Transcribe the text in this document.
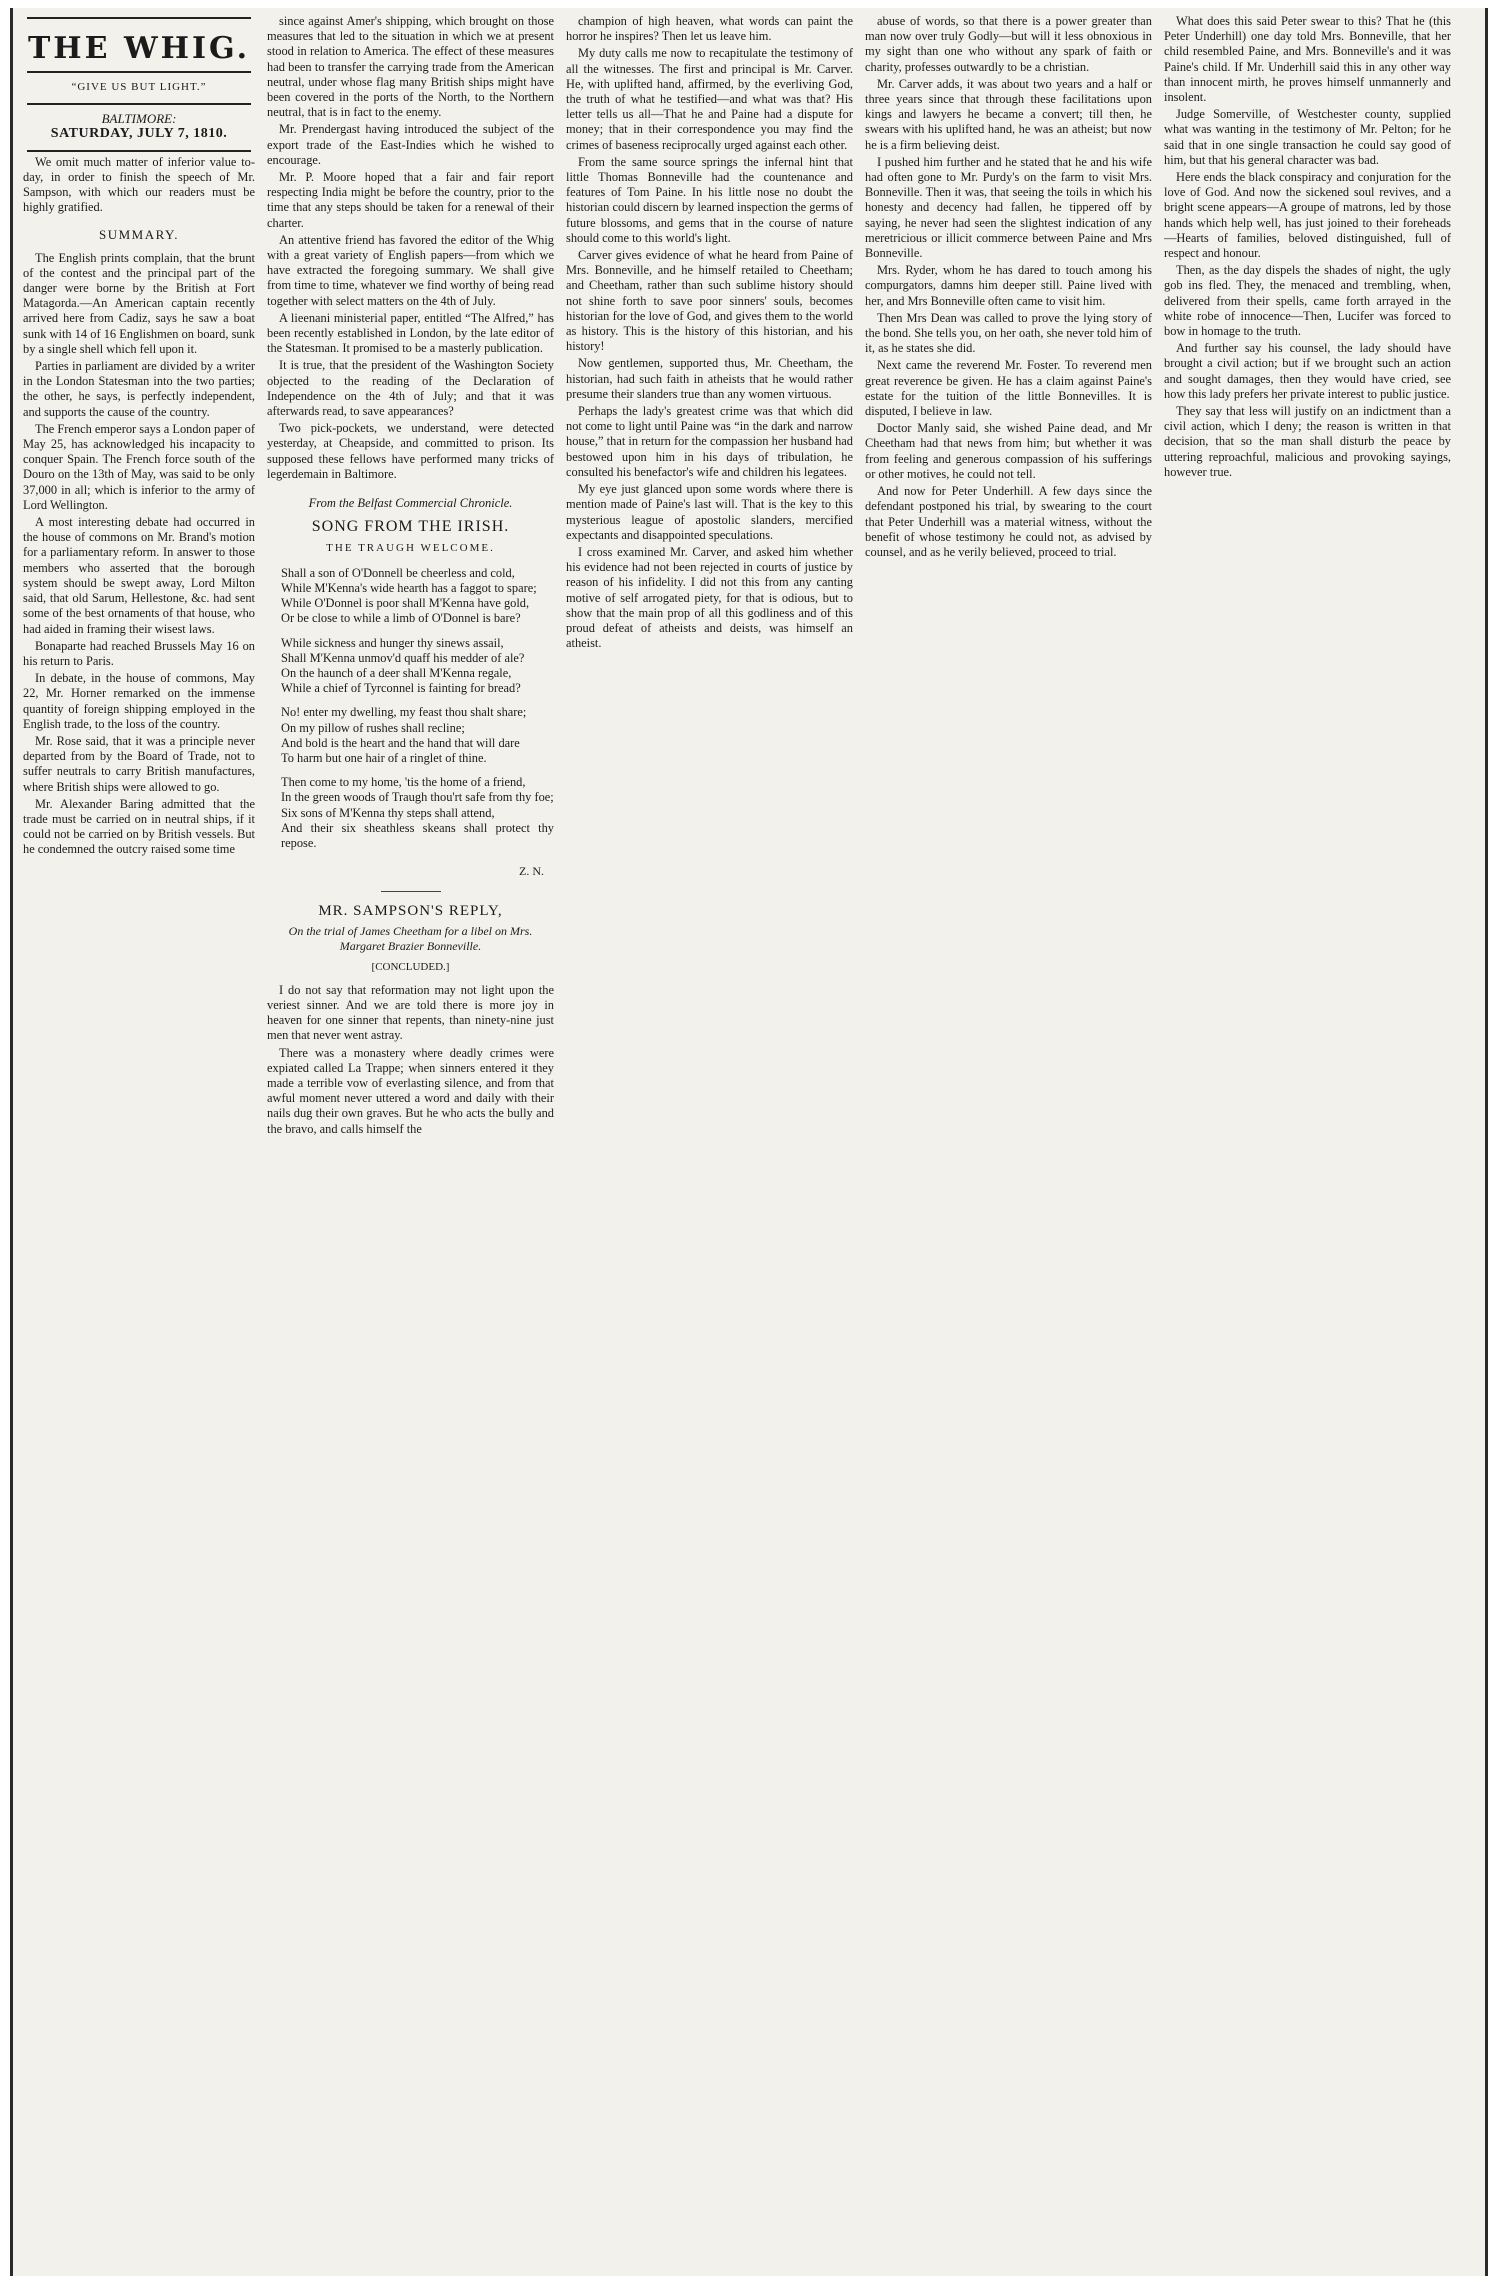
THE WHIG.
“GIVE US BUT LIGHT.”
BALTIMORE:
SATURDAY, JULY 7, 1810.

We omit much matter of inferior value to-day, in order to finish the speech of Mr. Sampson, with which our readers must be highly gratified.

SUMMARY.

The English prints complain, that the brunt of the contest and the principal part of the danger were borne by the British at Fort Matagorda.—An American captain recently arrived here from Cadiz, says he saw a boat sunk with 14 of 16 Englishmen on board, sunk by a single shell which fell upon it.

Parties in parliament are divided by a writer in the London Statesman into the two parties; the other, he says, is perfectly independent, and supports the cause of the country.

The French emperor says a London paper of May 25, has acknowledged his incapacity to conquer Spain. The French force south of the Douro on the 13th of May, was said to be only 37,000 in all; which is inferior to the army of Lord Wellington.

A most interesting debate had occurred in the house of commons on Mr. Brand's motion for a parliamentary reform. In answer to those members who asserted that the borough system should be swept away, Lord Milton said, that old Sarum, Hellestone, &c. had sent some of the best ornaments of that house, who had aided in framing their wisest laws.

Bonaparte had reached Brussels May 16 on his return to Paris.

In debate, in the house of commons, May 22, Mr. Horner remarked on the immense quantity of foreign shipping employed in the English trade, to the loss of the country.

Mr. Rose said, that it was a principle never departed from by the Board of Trade, not to suffer neutrals to carry British manufactures, where British ships were allowed to go.

Mr. Alexander Baring admitted that the trade must be carried on in neutral ships, if it could not be carried on by British vessels. But he condemned the outcry raised some time

since against Amer's shipping, which brought on those measures that led to the situation in which we at present stood in relation to America. The effect of these measures had been to transfer the carrying trade from the American neutral, under whose flag many British ships might have been covered in the ports of the North, to the Northern neutral, that is in fact to the enemy.

Mr. Prendergast having introduced the subject of the export trade of the East-Indies which he wished to encourage.

Mr. P. Moore hoped that a fair and fair report respecting India might be before the country, prior to the time that any steps should be taken for a renewal of their charter.

An attentive friend has favored the editor of the Whig with a great variety of English papers—from which we have extracted the foregoing summary. We shall give from time to time, whatever we find worthy of being read together with select matters on the 4th of July.

A lieenani ministerial paper, entitled “The Alfred,” has been recently established in London, by the late editor of the Statesman. It promised to be a masterly publication.

It is true, that the president of the Washington Society objected to the reading of the Declaration of Independence on the 4th of July; and that it was afterwards read, to save appearances?

Two pick-pockets, we understand, were detected yesterday, at Cheapside, and committed to prison. Its supposed these fellows have performed many tricks of legerdemain in Baltimore.

From the Belfast Commercial Chronicle.
SONG FROM THE IRISH.
THE TRAUGH WELCOME.

Shall a son of O'Donnell be cheerless and cold,

While M'Kenna's wide hearth has a faggot to spare;

While O'Donnel is poor shall M'Kenna have gold,

Or be close to while a limb of O'Donnel is bare?

While sickness and hunger thy sinews assail,

Shall M'Kenna unmov'd quaff his medder of ale?

On the haunch of a deer shall M'Kenna regale,

While a chief of Tyrconnel is fainting for bread?

No! enter my dwelling, my feast thou shalt share;

On my pillow of rushes shall recline;

And bold is the heart and the hand that will dare

To harm but one hair of a ringlet of thine.

Then come to my home, 'tis the home of a friend,

In the green woods of Traugh thou'rt safe from thy foe;

Six sons of M'Kenna thy steps shall attend,

And their six sheathless skeans shall protect thy repose.

Z. N.
MR. SAMPSON'S REPLY,
On the trial of James Cheetham for a libel on Mrs. Margaret Brazier Bonneville.
[CONCLUDED.]

I do not say that reformation may not light upon the veriest sinner. And we are told there is more joy in heaven for one sinner that repents, than ninety-nine just men that never went astray.

There was a monastery where deadly crimes were expiated called La Trappe; when sinners entered it they made a terrible vow of everlasting silence, and from that awful moment never uttered a word and daily with their nails dug their own graves. But he who acts the bully and the bravo, and calls himself the

champion of high heaven, what words can paint the horror he inspires? Then let us leave him.

My duty calls me now to recapitulate the testimony of all the witnesses. The first and principal is Mr. Carver. He, with uplifted hand, affirmed, by the everliving God, the truth of what he testified—and what was that? His letter tells us all—That he and Paine had a dispute for money; that in their correspondence you may find the crimes of baseness reciprocally urged against each other.

From the same source springs the infernal hint that little Thomas Bonneville had the countenance and features of Tom Paine. In his little nose no doubt the historian could discern by learned inspection the germs of future blossoms, and gems that in the course of nature should come to this world's light.

Carver gives evidence of what he heard from Paine of Mrs. Bonneville, and he himself retailed to Cheetham; and Cheetham, rather than such sublime history should not shine forth to save poor sinners' souls, becomes historian for the love of God, and gives them to the world as history. This is the history of this historian, and his history!

Now gentlemen, supported thus, Mr. Cheetham, the historian, had such faith in atheists that he would rather presume their slanders true than any women virtuous.

Perhaps the lady's greatest crime was that which did not come to light until Paine was “in the dark and narrow house,” that in return for the compassion her husband had bestowed upon him in his days of tribulation, he consulted his benefactor's wife and children his legatees.

My eye just glanced upon some words where there is mention made of Paine's last will. That is the key to this mysterious league of apostolic slanders, mercified expectants and disappointed speculations.

I cross examined Mr. Carver, and asked him whether his evidence had not been rejected in courts of justice by reason of his infidelity. I did not this from any canting motive of self arrogated piety, for that is odious, but to show that the main prop of all this godliness and of this proud defeat of atheists and deists, was himself an atheist.

abuse of words, so that there is a power greater than man now over truly Godly—but will it less obnoxious in my sight than one who without any spark of faith or charity, professes outwardly to be a christian.

Mr. Carver adds, it was about two years and a half or three years since that through these facilitations upon kings and lawyers he became a convert; till then, he swears with his uplifted hand, he was an atheist; but now he is a firm believing deist.

I pushed him further and he stated that he and his wife had often gone to Mr. Purdy's on the farm to visit Mrs. Bonneville. Then it was, that seeing the toils in which his honesty and decency had fallen, he tippered off by saying, he never had seen the slightest indication of any meretricious or illicit commerce between Paine and Mrs Bonneville.

Mrs. Ryder, whom he has dared to touch among his compurgators, damns him deeper still. Paine lived with her, and Mrs Bonneville often came to visit him.

Then Mrs Dean was called to prove the lying story of the bond. She tells you, on her oath, she never told him of it, as he states she did.

Next came the reverend Mr. Foster. To reverend men great reverence be given. He has a claim against Paine's estate for the tuition of the little Bonnevilles. It is disputed, I believe in law.

Doctor Manly said, she wished Paine dead, and Mr Cheetham had that news from him; but whether it was from feeling and generous compassion of his sufferings or other motives, he could not tell.

And now for Peter Underhill. A few days since the defendant postponed his trial, by swearing to the court that Peter Underhill was a material witness, without the benefit of whose testimony he could not, as advised by counsel, and as he verily believed, proceed to trial.

What does this said Peter swear to this? That he (this Peter Underhill) one day told Mrs. Bonneville, that her child resembled Paine, and Mrs. Bonneville's and it was Paine's child. If Mr. Underhill said this in any other way than innocent mirth, he proves himself unmannerly and insolent.

Judge Somerville, of Westchester county, supplied what was wanting in the testimony of Mr. Pelton; for he said that in one single transaction he could say good of him, but that his general character was bad.

Here ends the black conspiracy and conjuration for the love of God. And now the sickened soul revives, and a bright scene appears—A groupe of matrons, led by those hands which help well, has just joined to their foreheads—Hearts of families, beloved distinguished, full of respect and honour.

Then, as the day dispels the shades of night, the ugly gob ins fled. They, the menaced and trembling, when, delivered from their spells, came forth arrayed in the white robe of innocence—Then, Lucifer was forced to bow in homage to the truth.

And further say his counsel, the lady should have brought a civil action; but if we brought such an action and sought damages, then they would have cried, see how this lady prefers her private interest to public justice.

They say that less will justify on an indictment than a civil action, which I deny; the reason is written in that decision, that so the man shall disturb the peace by uttering reproachful, malicious and provoking sayings, however true.
